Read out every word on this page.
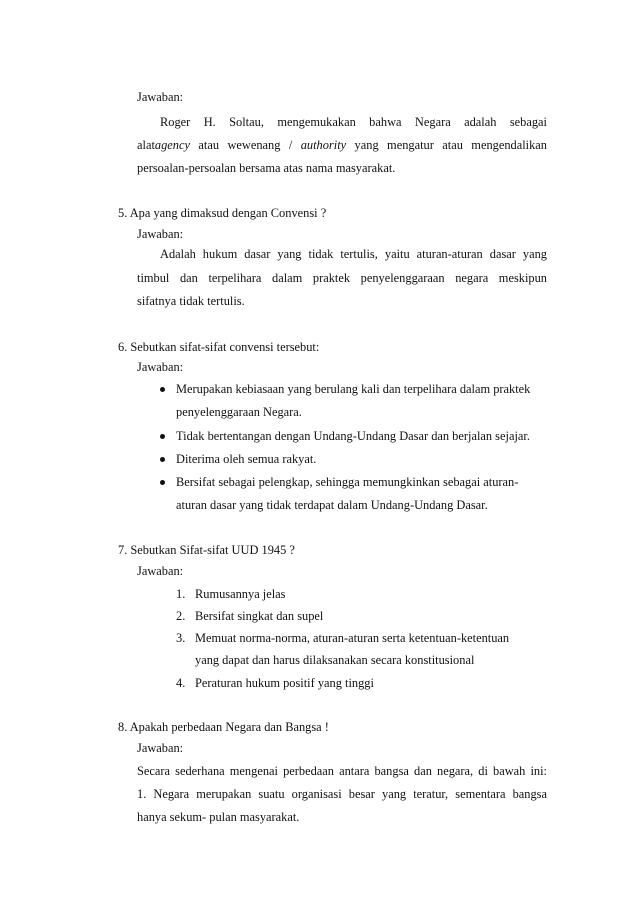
Jawaban:
Roger H. Soltau, mengemukakan bahwa Negara adalah sebagai
alatagency atau wewenang / authority yang mengatur atau mengendalikan
persoalan-persoalan bersama atas nama masyarakat.
5. Apa yang dimaksud dengan Convensi ?
Jawaban:
Adalah hukum dasar yang tidak tertulis, yaitu aturan-aturan dasar yang
timbul dan terpelihara dalam praktek penyelenggaraan negara meskipun
sifatnya tidak tertulis.
6. Sebutkan sifat-sifat convensi tersebut:
Jawaban:
Merupakan kebiasaan yang berulang kali dan terpelihara dalam praktek
penyelenggaraan Negara.
Tidak bertentangan dengan Undang-Undang Dasar dan berjalan sejajar.
Diterima oleh semua rakyat.
Bersifat sebagai pelengkap, sehingga memungkinkan sebagai aturan-
aturan dasar yang tidak terdapat dalam Undang-Undang Dasar.
7. Sebutkan Sifat-sifat UUD 1945 ?
Jawaban:
1. Rumusannya jelas
2. Bersifat singkat dan supel
3. Memuat norma-norma, aturan-aturan serta ketentuan-ketentuan
yang dapat dan harus dilaksanakan secara konstitusional
4. Peraturan hukum positif yang tinggi
8. Apakah perbedaan Negara dan Bangsa !
Jawaban:
Secara sederhana mengenai perbedaan antara bangsa dan negara, di bawah ini:
1. Negara merupakan suatu organisasi besar yang teratur, sementara bangsa
hanya sekum- pulan masyarakat.
